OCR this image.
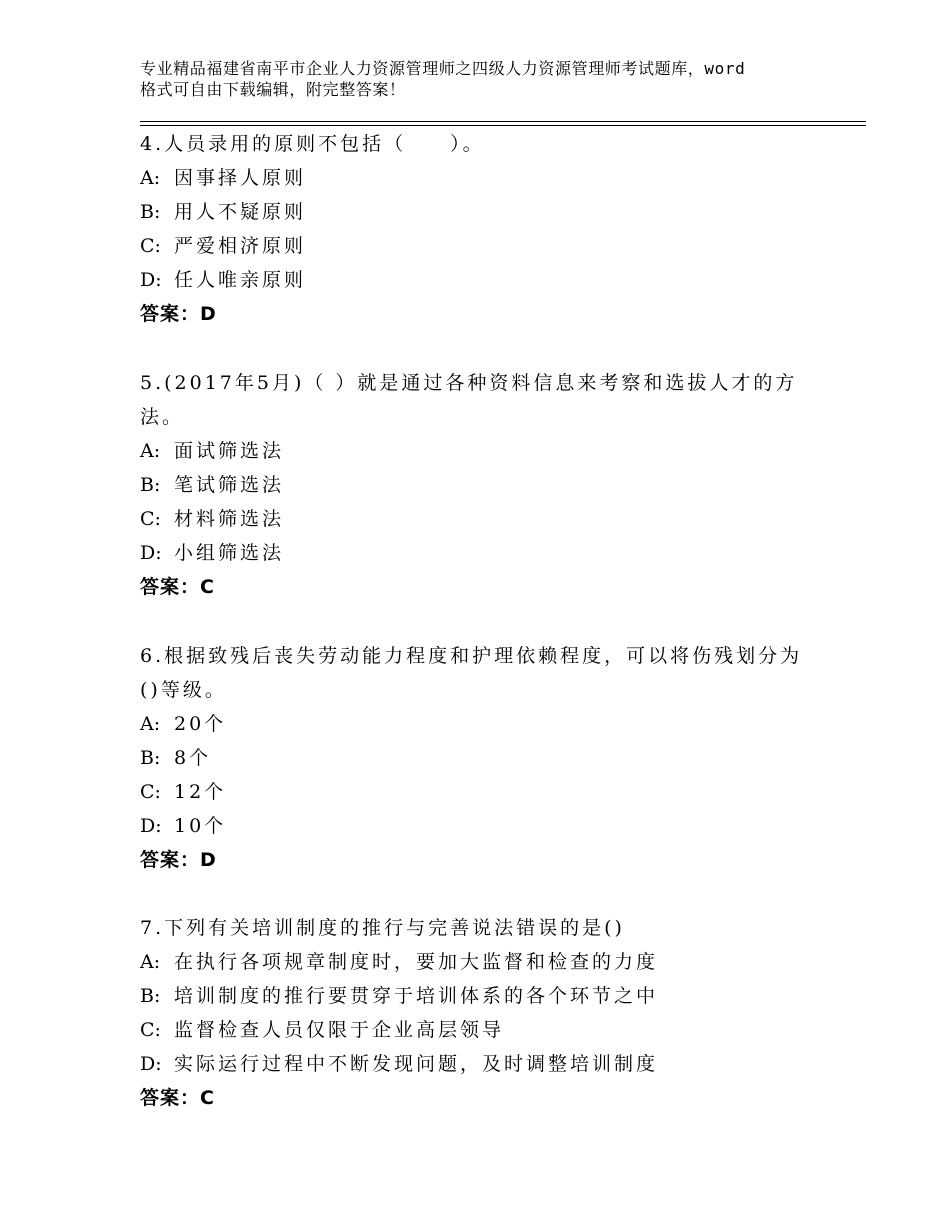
专业精品福建省南平市企业人力资源管理师之四级人力资源管理师考试题库，word
格式可自由下载编辑，附完整答案！

4.人员录用的原则不包括（　　）。

A: 因事择人原则

B: 用人不疑原则

C: 严爱相济原则

D: 任人唯亲原则

答案：D

5.(2017年5月)（ ）就是通过各种资料信息来考察和选拔人才的方法。

A: 面试筛选法

B: 笔试筛选法

C: 材料筛选法

D: 小组筛选法

答案：C

6.根据致残后丧失劳动能力程度和护理依赖程度，可以将伤残划分为()等级。

A: 20个

B: 8个

C: 12个

D: 10个

答案：D

7.下列有关培训制度的推行与完善说法错误的是()

A: 在执行各项规章制度时，要加大监督和检查的力度

B: 培训制度的推行要贯穿于培训体系的各个环节之中

C: 监督检查人员仅限于企业高层领导

D: 实际运行过程中不断发现问题，及时调整培训制度

答案：C
